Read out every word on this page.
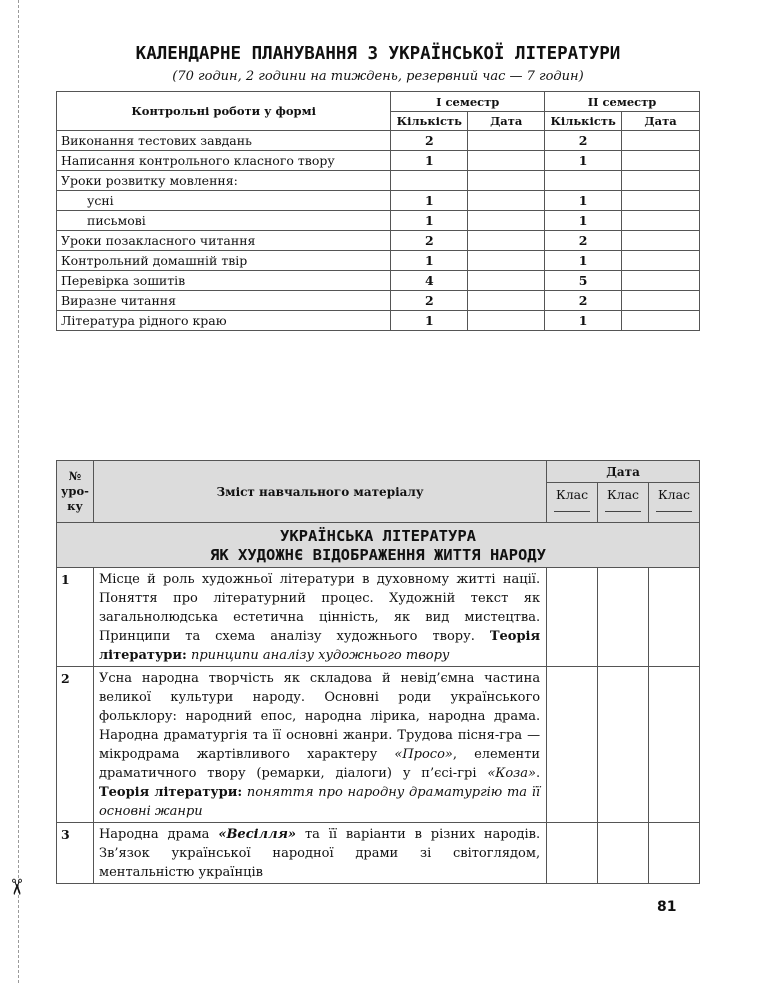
✂
КАЛЕНДАРНЕ ПЛАНУВАННЯ З УКРАЇНСЬКОЇ ЛІТЕРАТУРИ
(70 годин, 2 години на тиждень, резервний час — 7 годин)
Контрольні роботи у формі	I семестр		II семестр	
	Кількість	Дата	Кількість	Дата
Виконання тестових завдань	2		2	
Написання контрольного класного твору	1		1	
Уроки розвитку мовлення:				
усні	1		1	
письмові	1		1	
Уроки позакласного читання	2		2	
Контрольний домашній твір	1		1	
Перевірка зошитів	4		5	
Виразне читання	2		2	
Література рідного краю	1		1	
№
уро-
ку	Зміст навчального матеріалу	Дата		

		Клас	Клас	Клас

УКРАЇНСЬКА ЛІТЕРАТУРА
ЯК ХУДОЖНЄ ВІДОБРАЖЕННЯ ЖИТТЯ НАРОДУ				

1	Місце й роль художньої літератури в духовному житті нації. Поняття про літературний процес. Художній текст як загальнолюдська естетична цінність, як вид мистецтва. Принципи та схема аналізу художнього твору. Теорія літератури: принципи аналізу художнього твору			
2	Усна народна творчість як складова й невід’ємна частина великої культури народу. Основні роди українського фольклору: народний епос, народна лірика, народна драма. Народна драматургія та її основні жанри. Трудова пісня-гра — мікродрама жартівливого характеру «Просо», елементи драматичного твору (ремарки, діалоги) у п’єсі-грі «Коза». Теорія літератури: поняття про народну драматургію та її основні жанри			
3	Народна драма «Весілля» та її варіанти в різних народів. Зв’язок української народної драми зі світоглядом, ментальністю українців			
81
